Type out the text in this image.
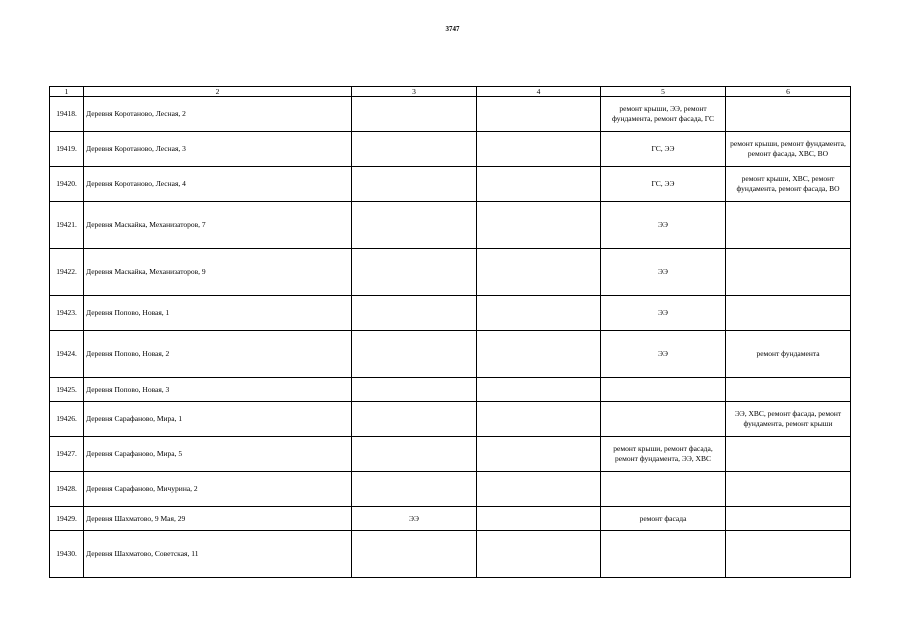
3747
1	2	3	4	5	6
19418.	Деревня Коротаново, Лесная, 2			ремонт крыши, ЭЭ, ремонт фундамента, ремонт фасада, ГС	
19419.	Деревня Коротаново, Лесная, 3			ГС, ЭЭ	ремонт крыши, ремонт фундамента, ремонт фасада, ХВС, ВО
19420.	Деревня Коротаново, Лесная, 4			ГС, ЭЭ	ремонт крыши, ХВС, ремонт фундамента, ремонт фасада, ВО
19421.	Деревня Маскайка, Механизаторов, 7			ЭЭ	
19422.	Деревня Маскайка, Механизаторов, 9			ЭЭ	
19423.	Деревня Попово, Новая, 1			ЭЭ	
19424.	Деревня Попово, Новая, 2			ЭЭ	ремонт фундамента
19425.	Деревня Попово, Новая, 3				
19426.	Деревня Сарафаново, Мира, 1				ЭЭ, ХВС, ремонт фасада, ремонт фундамента, ремонт крыши
19427.	Деревня Сарафаново, Мира, 5			ремонт крыши, ремонт фасада, ремонт фундамента, ЭЭ, ХВС	
19428.	Деревня Сарафаново, Мичурина, 2				
19429.	Деревня Шахматово, 9 Мая, 29	ЭЭ		ремонт фасада	
19430.	Деревня Шахматово, Советская, 11				
